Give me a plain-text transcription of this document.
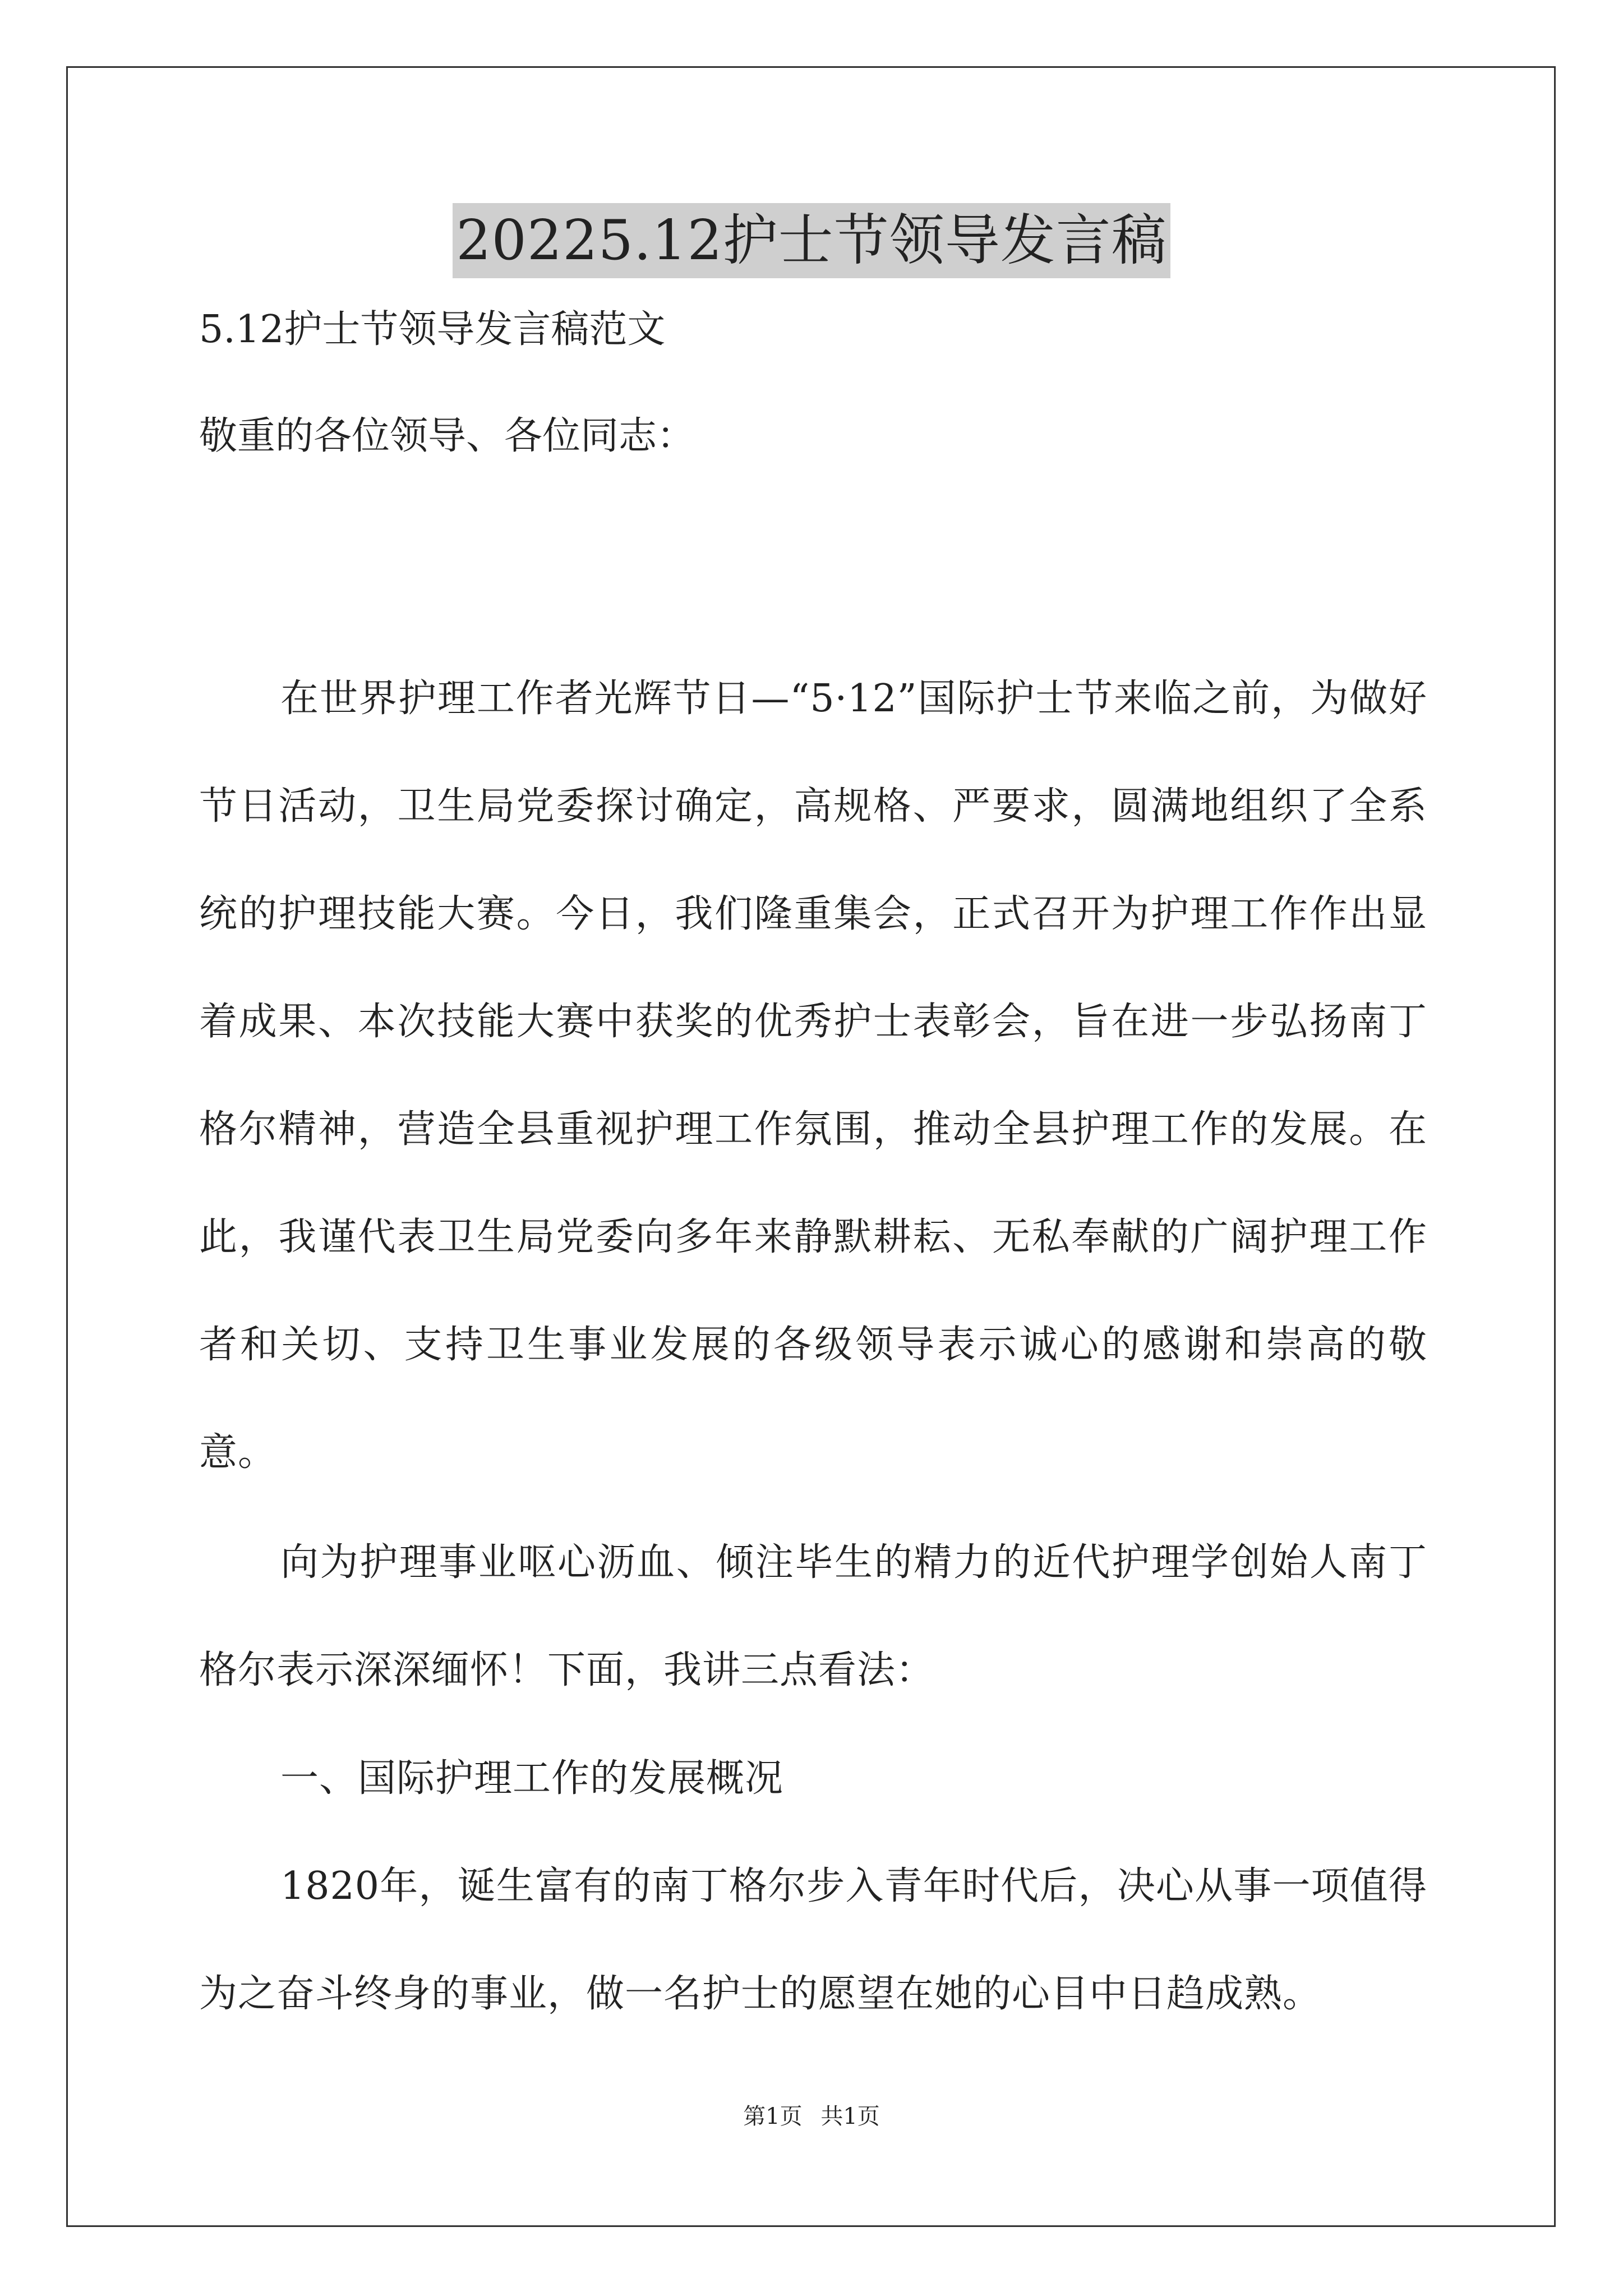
20225.12护士节领导发言稿
5.12护士节领导发言稿范文
敬重的各位领导、各位同志：
在世界护理工作者光辉节日—“5·12”国际护士节来临之前，为做好节日活动，卫生局党委探讨确定，高规格、严要求，圆满地组织了全系统的护理技能大赛。今日，我们隆重集会，正式召开为护理工作作出显着成果、本次技能大赛中获奖的优秀护士表彰会，旨在进一步弘扬南丁格尔精神，营造全县重视护理工作氛围，推动全县护理工作的发展。在此，我谨代表卫生局党委向多年来静默耕耘、无私奉献的广阔护理工作者和关切、支持卫生事业发展的各级领导表示诚心的感谢和崇高的敬意。
向为护理事业呕心沥血、倾注毕生的精力的近代护理学创始人南丁格尔表示深深缅怀！下面，我讲三点看法：
一、国际护理工作的发展概况
1820年，诞生富有的南丁格尔步入青年时代后，决心从事一项值得为之奋斗终身的事业，做一名护士的愿望在她的心目中日趋成熟。
第1页 共1页
